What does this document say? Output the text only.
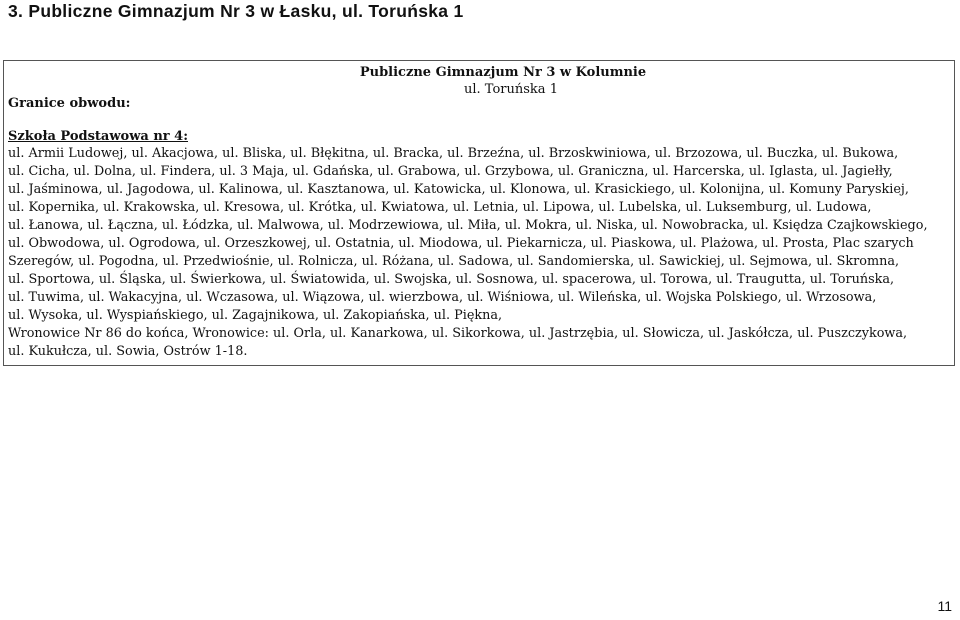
3. Publiczne Gimnazjum Nr 3 w Łasku, ul. Toruńska 1
Publiczne Gimnazjum Nr 3 w Kolumnie
ul. Toruńska 1
Granice obwodu:
Szkoła Podstawowa nr 4:
ul. Armii Ludowej, ul. Akacjowa, ul. Bliska, ul. Błękitna, ul. Bracka, ul. Brzeźna, ul. Brzoskwiniowa, ul. Brzozowa, ul. Buczka, ul. Bukowa,
ul. Cicha, ul. Dolna, ul. Findera, ul. 3 Maja, ul. Gdańska, ul. Grabowa, ul. Grzybowa, ul. Graniczna, ul. Harcerska, ul. Iglasta, ul. Jagiełły,
ul. Jaśminowa, ul. Jagodowa, ul. Kalinowa, ul. Kasztanowa, ul. Katowicka, ul. Klonowa, ul. Krasickiego, ul. Kolonijna, ul. Komuny Paryskiej,
ul. Kopernika, ul. Krakowska, ul. Kresowa, ul. Krótka, ul. Kwiatowa, ul. Letnia, ul. Lipowa, ul. Lubelska, ul. Luksemburg, ul. Ludowa,
ul. Łanowa, ul. Łączna, ul. Łódzka, ul. Malwowa, ul. Modrzewiowa, ul. Miła, ul. Mokra, ul. Niska, ul. Nowobracka, ul. Księdza Czajkowskiego,
ul. Obwodowa, ul. Ogrodowa, ul. Orzeszkowej, ul. Ostatnia, ul. Miodowa, ul. Piekarnicza, ul. Piaskowa, ul. Plażowa, ul. Prosta, Plac szarych
Szeregów, ul. Pogodna, ul. Przedwiośnie, ul. Rolnicza, ul. Różana, ul. Sadowa, ul. Sandomierska, ul. Sawickiej, ul. Sejmowa, ul. Skromna,
ul. Sportowa, ul. Śląska, ul. Świerkowa, ul. Światowida, ul. Swojska, ul. Sosnowa, ul. spacerowa, ul. Torowa, ul. Traugutta, ul. Toruńska,
ul. Tuwima, ul. Wakacyjna, ul. Wczasowa, ul. Wiązowa, ul. wierzbowa, ul. Wiśniowa, ul. Wileńska, ul. Wojska Polskiego, ul. Wrzosowa,
ul. Wysoka, ul. Wyspiańskiego, ul. Zagajnikowa, ul. Zakopiańska, ul. Piękna,
Wronowice Nr 86 do końca, Wronowice: ul. Orla, ul. Kanarkowa, ul. Sikorkowa, ul. Jastrzębia, ul. Słowicza, ul. Jaskółcza, ul. Puszczykowa,
ul. Kukułcza, ul. Sowia, Ostrów 1-18.
11
